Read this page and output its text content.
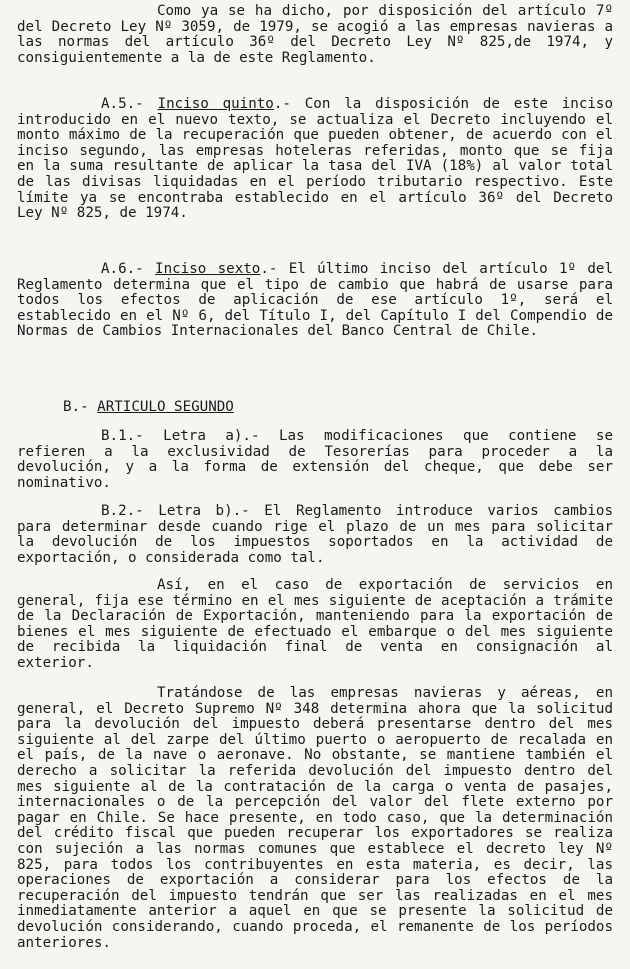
Como ya se ha dicho, por disposición del artículo 7º del Decreto Ley Nº 3059, de 1979, se acogió a las empresas navieras a las normas del artículo 36º del Decreto Ley Nº 825,de 1974, y consiguientemente a la de este Reglamento.

A.5.- Inciso quinto.- Con la disposición de este inciso introducido en el nuevo texto, se actualiza el Decreto incluyendo el monto máximo de la recuperación que pueden obtener, de acuerdo con el inciso segundo, las empresas hoteleras referidas, monto que se fija en la suma resultante de aplicar la tasa del IVA (18%) al valor total de las divisas liquidadas en el período tributario respectivo. Este límite ya se encontraba establecido en el artículo 36º del Decreto Ley Nº 825, de 1974.

A.6.- Inciso sexto.- El último inciso del artículo 1º del Reglamento determina que el tipo de cambio que habrá de usarse para todos los efectos de aplicación de ese artículo 1º, será el establecido en el Nº 6, del Título I, del Capítulo I del Compendio de Normas de Cambios Internacionales del Banco Central de Chile.

B.- ARTICULO SEGUNDO

B.1.- Letra a).- Las modificaciones que contiene se refieren a la exclusividad de Tesorerías para proceder a la devolución, y a la forma de extensión del cheque, que debe ser nominativo.

B.2.- Letra b).- El Reglamento introduce varios cambios para determinar desde cuando rige el plazo de un mes para solicitar la devolución de los impuestos soportados en la actividad de exportación, o considerada como tal.

Así, en el caso de exportación de servicios en general, fija ese término en el mes siguiente de aceptación a trámite de la Declaración de Exportación, manteniendo para la exportación de bienes el mes siguiente de efectuado el embarque o del mes siguiente de recibida la liquidación final de venta en consignación al exterior.

Tratándose de las empresas navieras y aéreas, en general, el Decreto Supremo Nº 348 determina ahora que la solicitud para la devolución del impuesto deberá presentarse dentro del mes siguiente al del zarpe del último puerto o aeropuerto de recalada en el país, de la nave o aeronave. No obstante, se mantiene también el derecho a solicitar la referida devolución del impuesto dentro del mes siguiente al de la contratación de la carga o venta de pasajes, internacionales o de la percepción del valor del flete externo por pagar en Chile. Se hace presente, en todo caso, que la determinación del crédito fiscal que pueden recuperar los exportadores se realiza con sujeción a las normas comunes que establece el decreto ley Nº 825, para todos los contribuyentes en esta materia, es decir, las operaciones de exportación a considerar para los efectos de la recuperación del impuesto tendrán que ser las realizadas en el mes inmediatamente anterior a aquel en que se presente la solicitud de devolución considerando, cuando proceda, el remanente de los períodos anteriores.
